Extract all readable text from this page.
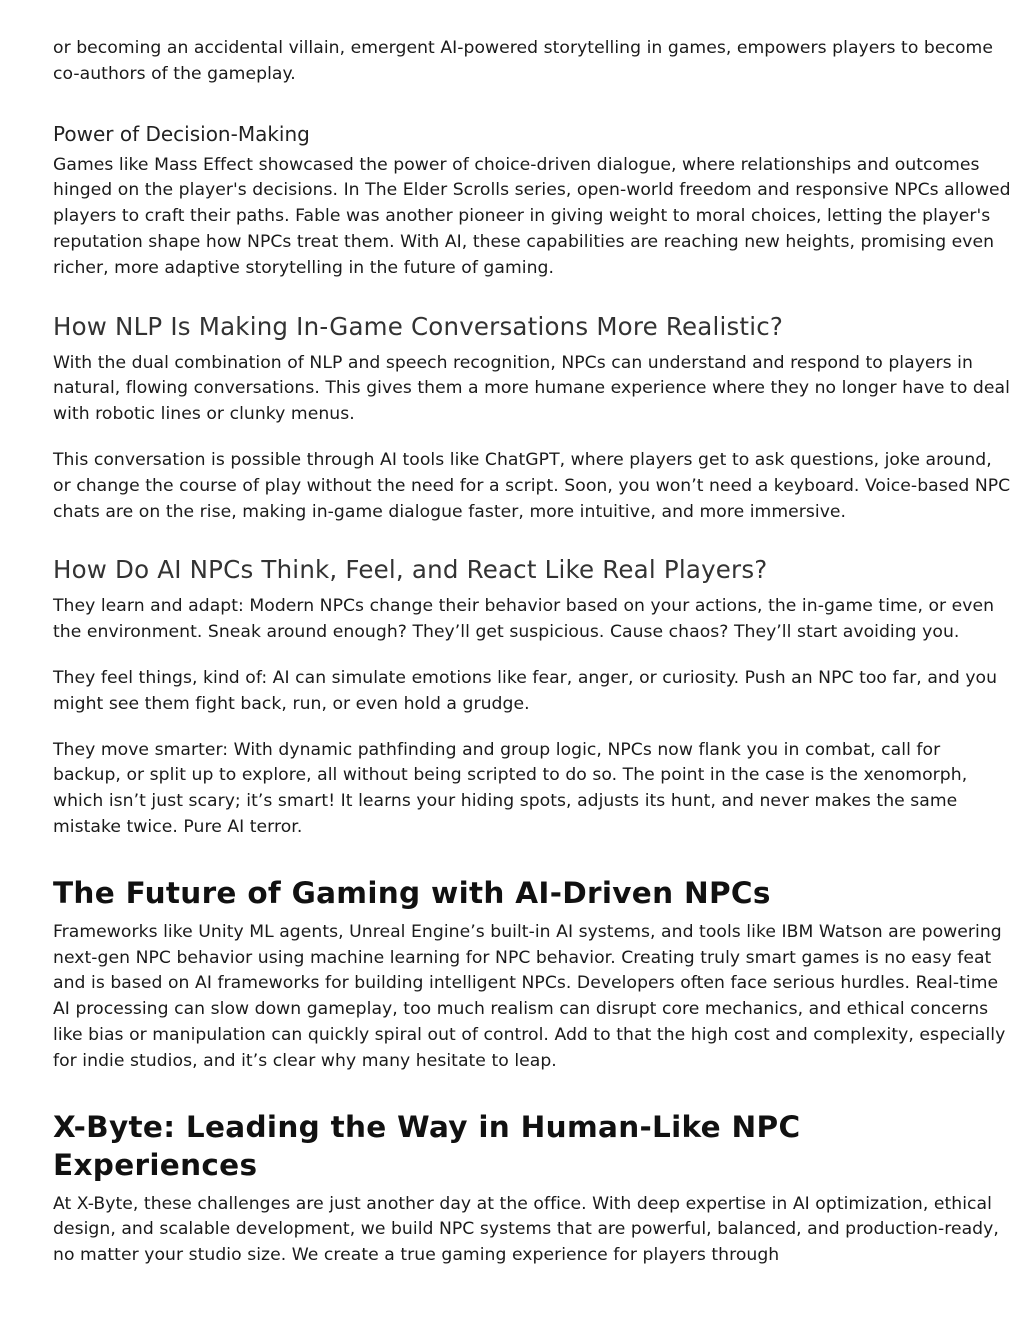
or becoming an accidental villain, emergent AI-powered storytelling in games, empowers players to become co-authors of the gameplay.

Power of Decision-Making

Games like Mass Effect showcased the power of choice-driven dialogue, where relationships and outcomes hinged on the player's decisions. In The Elder Scrolls series, open-world freedom and responsive NPCs allowed players to craft their paths. Fable was another pioneer in giving weight to moral choices, letting the player's reputation shape how NPCs treat them. With AI, these capabilities are reaching new heights, promising even richer, more adaptive storytelling in the future of gaming.

How NLP Is Making In-Game Conversations More Realistic?

With the dual combination of NLP and speech recognition, NPCs can understand and respond to players in natural, flowing conversations. This gives them a more humane experience where they no longer have to deal with robotic lines or clunky menus.

This conversation is possible through AI tools like ChatGPT, where players get to ask questions, joke around, or change the course of play without the need for a script. Soon, you won’t need a keyboard. Voice-based NPC chats are on the rise, making in-game dialogue faster, more intuitive, and more immersive.

How Do AI NPCs Think, Feel, and React Like Real Players?

They learn and adapt: Modern NPCs change their behavior based on your actions, the in-game time, or even the environment. Sneak around enough? They’ll get suspicious. Cause chaos? They’ll start avoiding you.

They feel things, kind of: AI can simulate emotions like fear, anger, or curiosity. Push an NPC too far, and you might see them fight back, run, or even hold a grudge.

They move smarter: With dynamic pathfinding and group logic, NPCs now flank you in combat, call for backup, or split up to explore, all without being scripted to do so. The point in the case is the xenomorph, which isn’t just scary; it’s smart! It learns your hiding spots, adjusts its hunt, and never makes the same mistake twice. Pure AI terror.

The Future of Gaming with AI-Driven NPCs

Frameworks like Unity ML agents, Unreal Engine’s built-in AI systems, and tools like IBM Watson are powering next-gen NPC behavior using machine learning for NPC behavior. Creating truly smart games is no easy feat and is based on AI frameworks for building intelligent NPCs. Developers often face serious hurdles. Real-time AI processing can slow down gameplay, too much realism can disrupt core mechanics, and ethical concerns like bias or manipulation can quickly spiral out of control. Add to that the high cost and complexity, especially for indie studios, and it’s clear why many hesitate to leap.

X-Byte: Leading the Way in Human-Like NPC Experiences

At X-Byte, these challenges are just another day at the office. With deep expertise in AI optimization, ethical design, and scalable development, we build NPC systems that are powerful, balanced, and production-ready, no matter your studio size. We create a true gaming experience for players through
